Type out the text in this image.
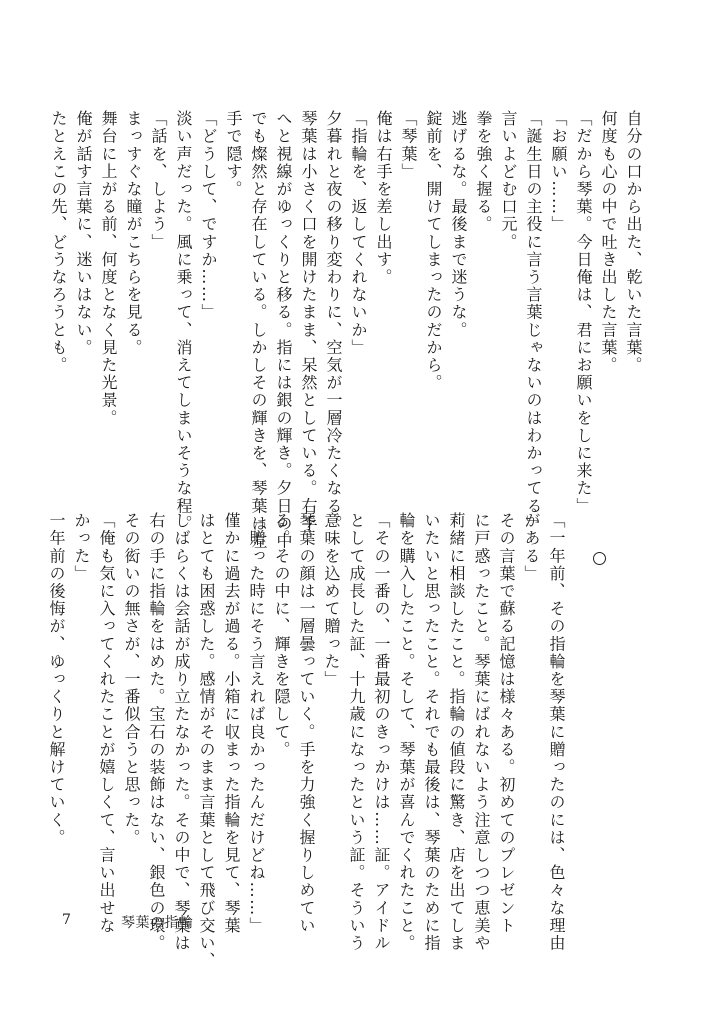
自分の口から出た、乾いた言葉。

何度も心の中で吐き出した言葉。

「だから琴葉。今日俺は、君にお願いをしに来た」

「お願い……」

「誕生日の主役に言う言葉じゃないのはわかってる」

言いよどむ口元。

拳を強く握る。

逃げるな。最後まで迷うな。

錠前を、開けてしまったのだから。

「琴葉」

俺は右手を差し出す。

「指輪を、返してくれないか」

夕暮れと夜の移り変わりに、空気が一層冷たくなる。

琴葉は小さく口を開けたまま、呆然としている。右手

へと視線がゆっくりと移る。指には銀の輝き。夕日の中

でも燦然と存在している。しかしその輝きを、琴葉は左

手で隠す。

「どうして、ですか……」

淡い声だった。風に乗って、消えてしまいそうな程。

「話を、しよう」

まっすぐな瞳がこちらを見る。

舞台に上がる前、何度となく見た光景。

俺が話す言葉に、迷いはない。

たとえこの先、どうなろうとも。

「一年前、その指輪を琴葉に贈ったのには、色々な理由

がある」

その言葉で蘇る記憶は様々ある。初めてのプレゼント

に戸惑ったこと。琴葉にばれないよう注意しつつ恵美や

莉緒に相談したこと。指輪の値段に驚き、店を出てしま

いたいと思ったこと。それでも最後は、琴葉のために指

輪を購入したこと。そして、琴葉が喜んでくれたこと。

「その一番の、一番最初のきっかけは……証。アイドル

として成長した証、十九歳になったという証。そういう

意味を込めて贈った」

琴葉の顔は一層曇っていく。手を力強く握りしめてい

る。その中に、輝きを隠して。

「贈った時にそう言えれば良かったんだけどね……」

僅かに過去が過る。小箱に収まった指輪を見て、琴葉

はとても困惑した。感情がそのまま言葉として飛び交い、

しばらくは会話が成り立たなかった。その中で、琴葉は

右の手に指輪をはめた。宝石の装飾はない、銀色の環。

その衒いの無さが、一番似合うと思った。

「俺も気に入ってくれたことが嬉しくて、言い出せな

かった」

一年前の後悔が、ゆっくりと解けていく。

7	琴葉の指輪
